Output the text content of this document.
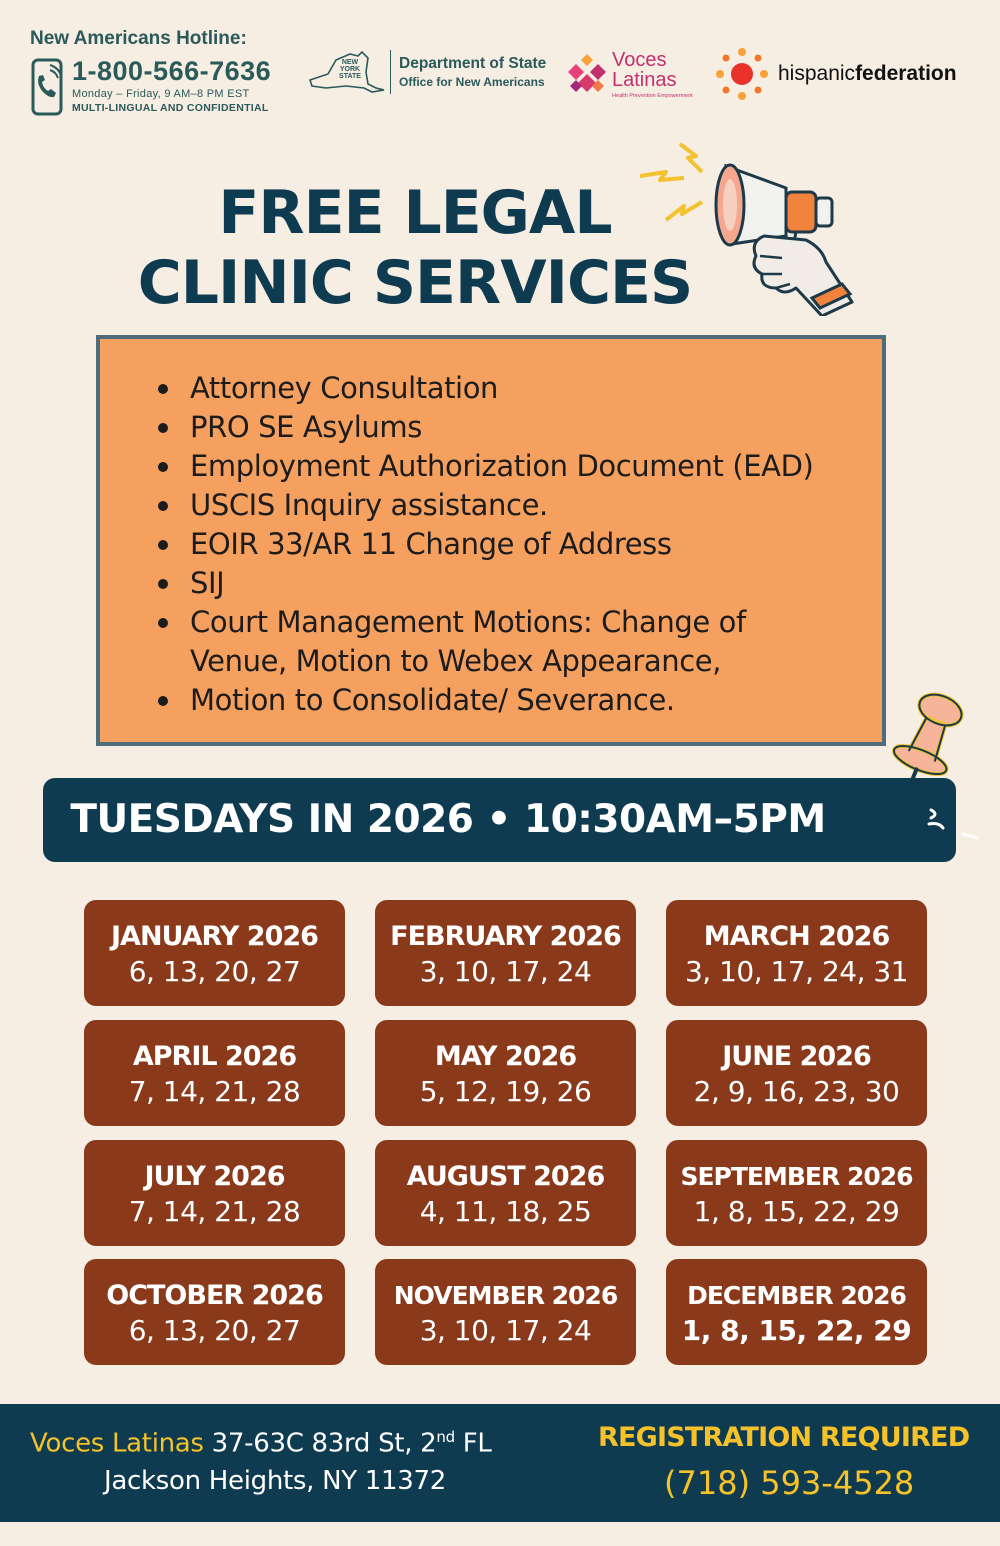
New Americans Hotline:
1-800-566-7636
Monday – Friday, 9 AM–8 PM EST
MULTI-LINGUAL AND CONFIDENTIAL
NEW
YORK
STATE
Department of State
Office for New Americans
Voces
Latinas
Health Prevention Empowerment
hispanicfederation
FREE LEGAL
CLINIC SERVICES
Attorney Consultation
PRO SE Asylums
Employment Authorization Document (EAD)
USCIS Inquiry assistance.
EOIR 33/AR 11 Change of Address
SIJ
Court Management Motions: Change of
Venue, Motion to Webex Appearance,
Motion to Consolidate/ Severance.
TUESDAYS IN 2026 • 10:30AM–5PM
JANUARY 2026
6, 13, 20, 27
FEBRUARY 2026
3, 10, 17, 24
MARCH 2026
3, 10, 17, 24, 31
APRIL 2026
7, 14, 21, 28
MAY 2026
5, 12, 19, 26
JUNE 2026
2, 9, 16, 23, 30
JULY 2026
7, 14, 21, 28
AUGUST 2026
4, 11, 18, 25
SEPTEMBER 2026
1, 8, 15, 22, 29
OCTOBER 2026
6, 13, 20, 27
NOVEMBER 2026
3, 10, 17, 24
DECEMBER 2026
1, 8, 15, 22, 29
Voces Latinas 37-63C 83rd St, 2nd FL
Jackson Heights, NY 11372
REGISTRATION REQUIRED
(718) 593-4528
